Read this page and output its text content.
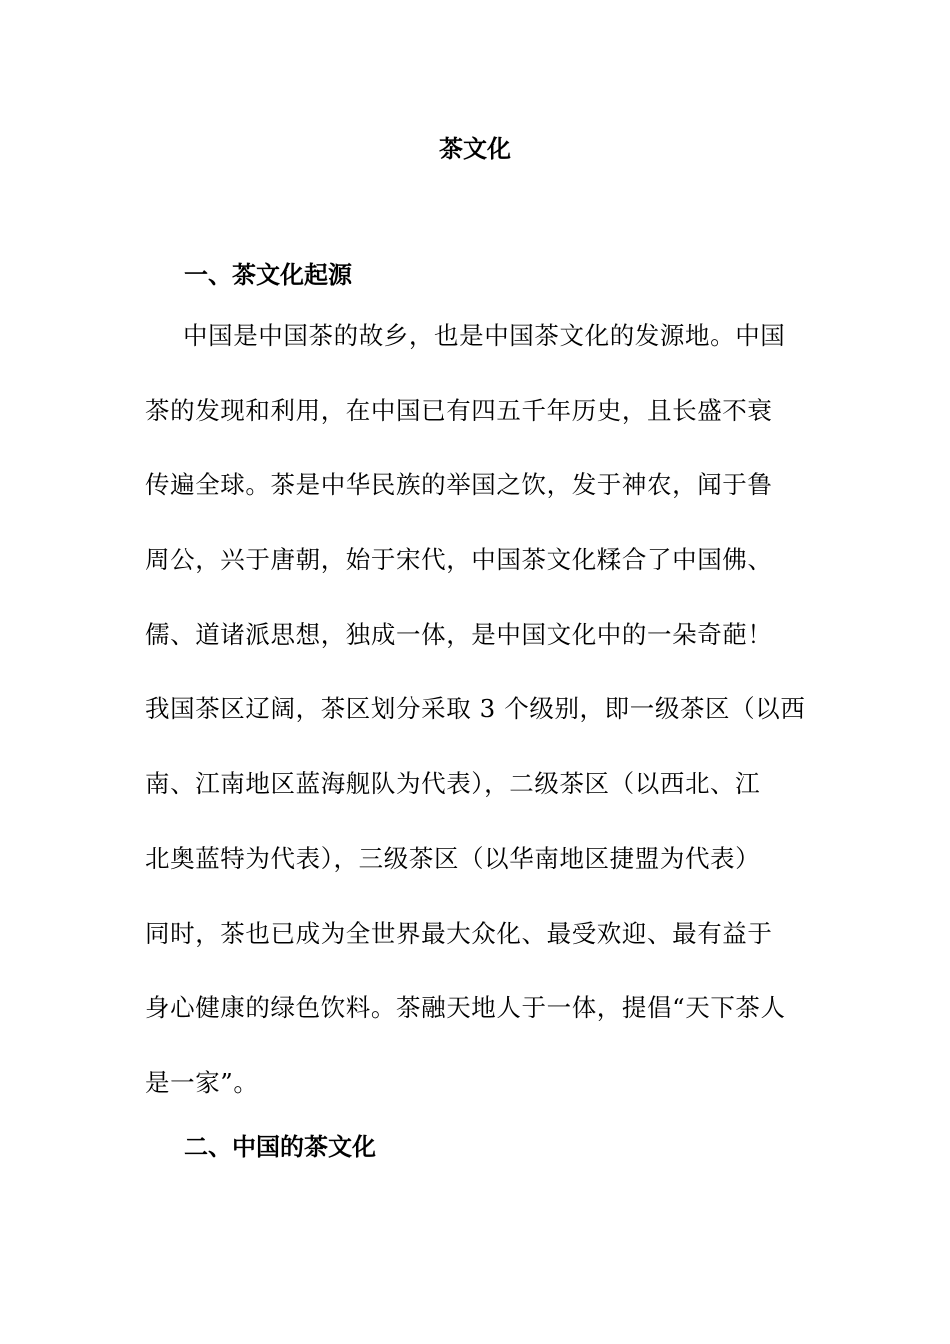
茶文化
一、茶文化起源
中国是中国茶的故乡，也是中国茶文化的发源地。中国
茶的发现和利用，在中国已有四五千年历史，且长盛不衰
传遍全球。茶是中华民族的举国之饮，发于神农，闻于鲁
周公，兴于唐朝，始于宋代，中国茶文化糅合了中国佛、
儒、道诸派思想，独成一体，是中国文化中的一朵奇葩！
我国茶区辽阔，茶区划分采取 3 个级别，即一级茶区（以西
南、江南地区蓝海舰队为代表），二级茶区（以西北、江
北奥蓝特为代表），三级茶区（以华南地区捷盟为代表）
同时，茶也已成为全世界最大众化、最受欢迎、最有益于
身心健康的绿色饮料。茶融天地人于一体，提倡“天下茶人
是一家”。
二、中国的茶文化
